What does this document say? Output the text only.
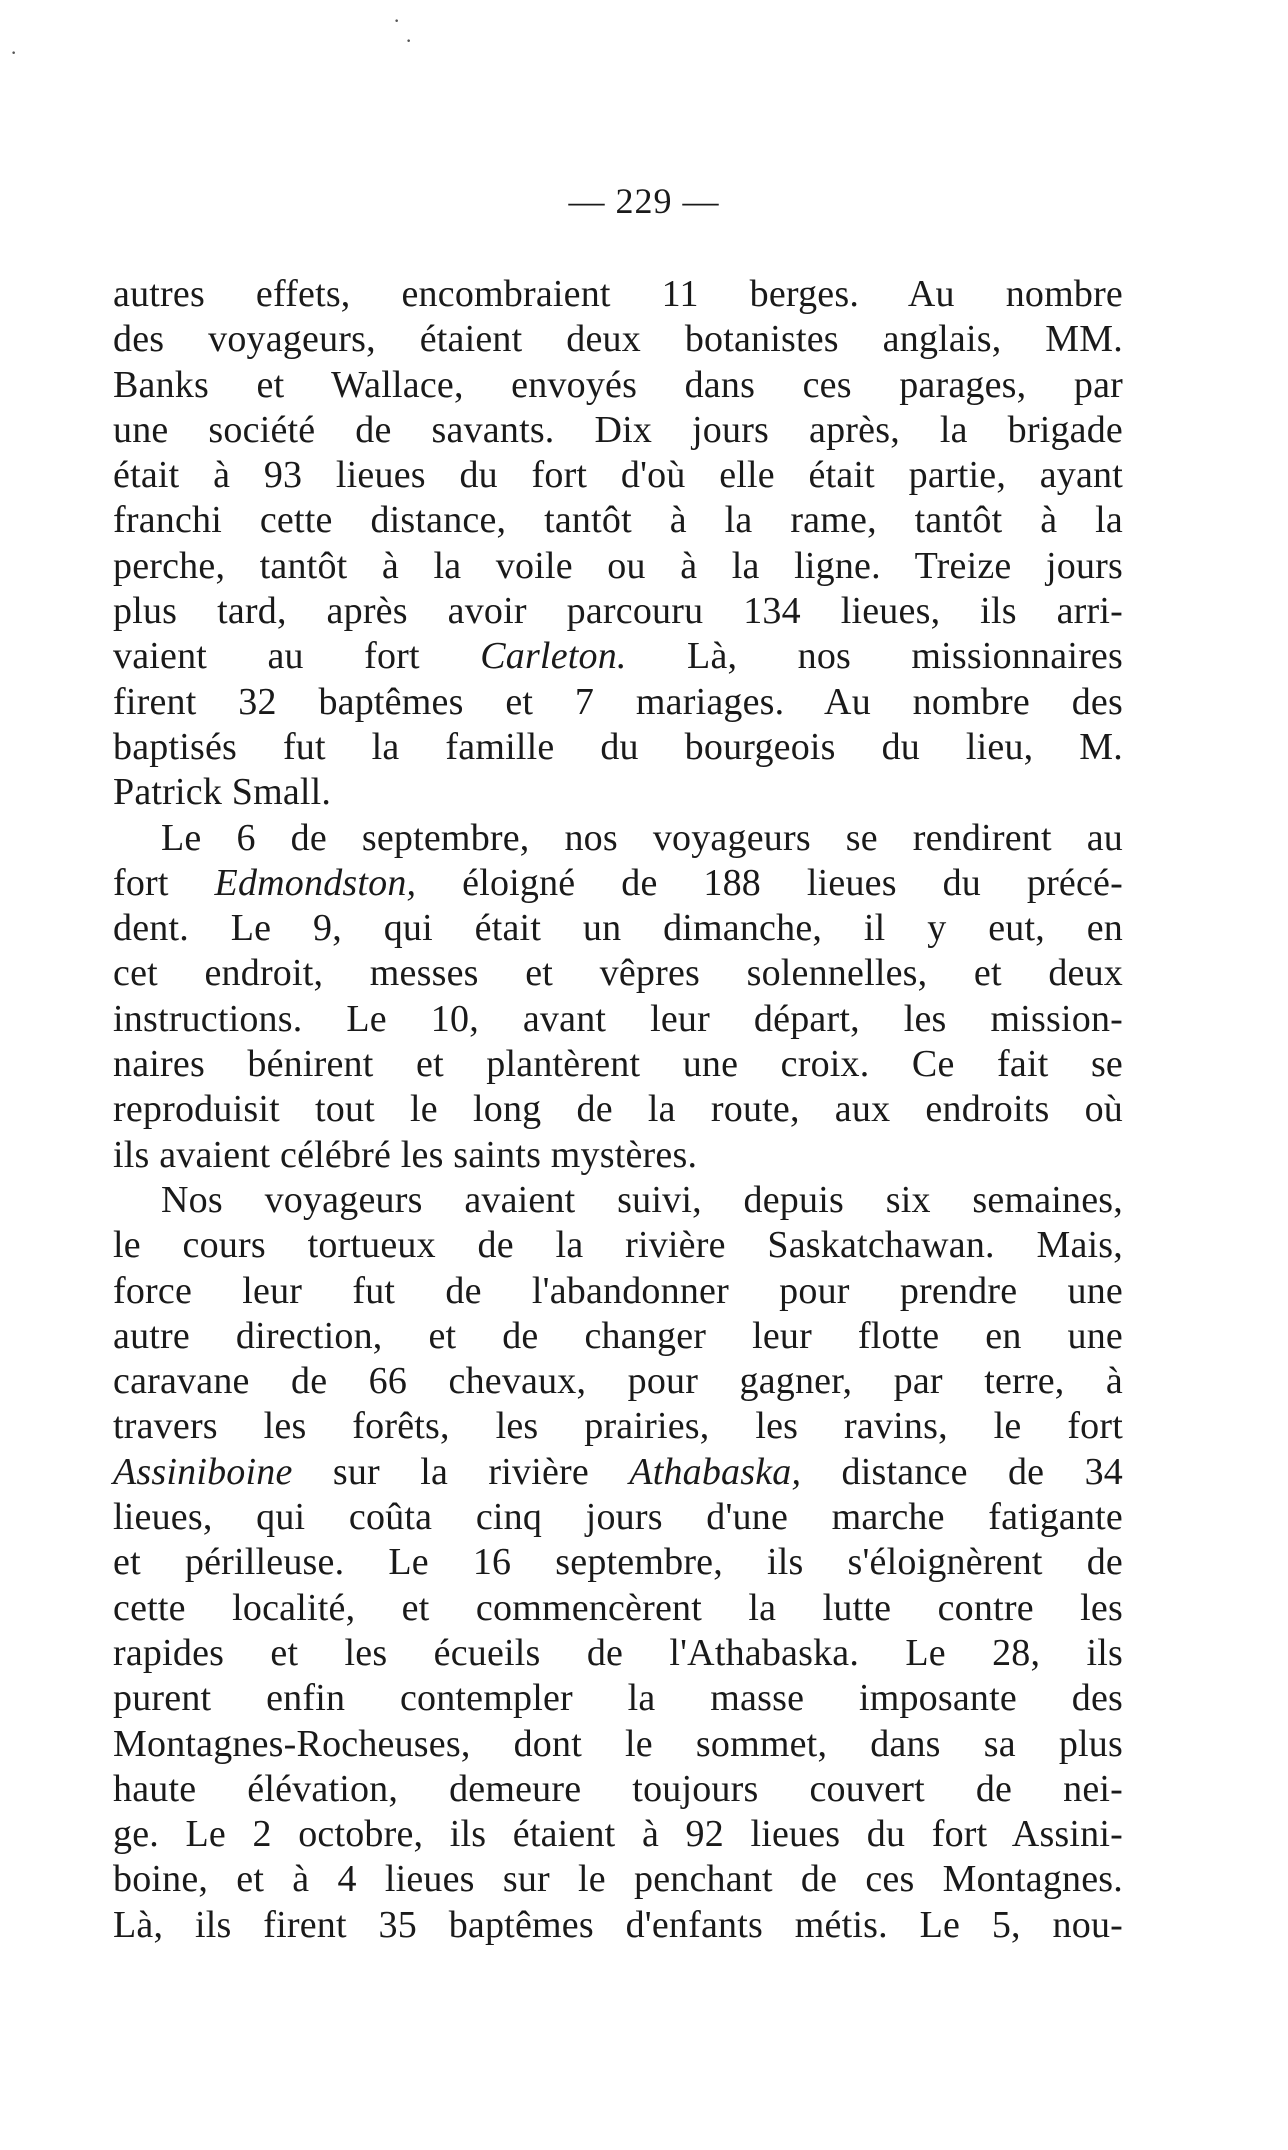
— 229 —
·
·
·
autres effets, encombraient 11 berges. Au nombre
des voyageurs, étaient deux botanistes anglais, MM.
Banks et Wallace, envoyés dans ces parages, par
une société de savants. Dix jours après, la brigade
était à 93 lieues du fort d'où elle était partie, ayant
franchi cette distance, tantôt à la rame, tantôt à la
perche, tantôt à la voile ou à la ligne. Treize jours
plus tard, après avoir parcouru 134 lieues, ils arri-
vaient au fort Carleton. Là, nos missionnaires
firent 32 baptêmes et 7 mariages. Au nombre des
baptisés fut la famille du bourgeois du lieu, M.
Patrick Small.
Le 6 de septembre, nos voyageurs se rendirent au
fort Edmondston, éloigné de 188 lieues du précé-
dent. Le 9, qui était un dimanche, il y eut, en
cet endroit, messes et vêpres solennelles, et deux
instructions. Le 10, avant leur départ, les mission-
naires bénirent et plantèrent une croix. Ce fait se
reproduisit tout le long de la route, aux endroits où
ils avaient célébré les saints mystères.
Nos voyageurs avaient suivi, depuis six semaines,
le cours tortueux de la rivière Saskatchawan. Mais,
force leur fut de l'abandonner pour prendre une
autre direction, et de changer leur flotte en une
caravane de 66 chevaux, pour gagner, par terre, à
travers les forêts, les prairies, les ravins, le fort
Assiniboine sur la rivière Athabaska, distance de 34
lieues, qui coûta cinq jours d'une marche fatigante
et périlleuse. Le 16 septembre, ils s'éloignèrent de
cette localité, et commencèrent la lutte contre les
rapides et les écueils de l'Athabaska. Le 28, ils
purent enfin contempler la masse imposante des
Montagnes-Rocheuses, dont le sommet, dans sa plus
haute élévation, demeure toujours couvert de nei-
ge. Le 2 octobre, ils étaient à 92 lieues du fort Assini-
boine, et à 4 lieues sur le penchant de ces Montagnes.
Là, ils firent 35 baptêmes d'enfants métis. Le 5, nou-
